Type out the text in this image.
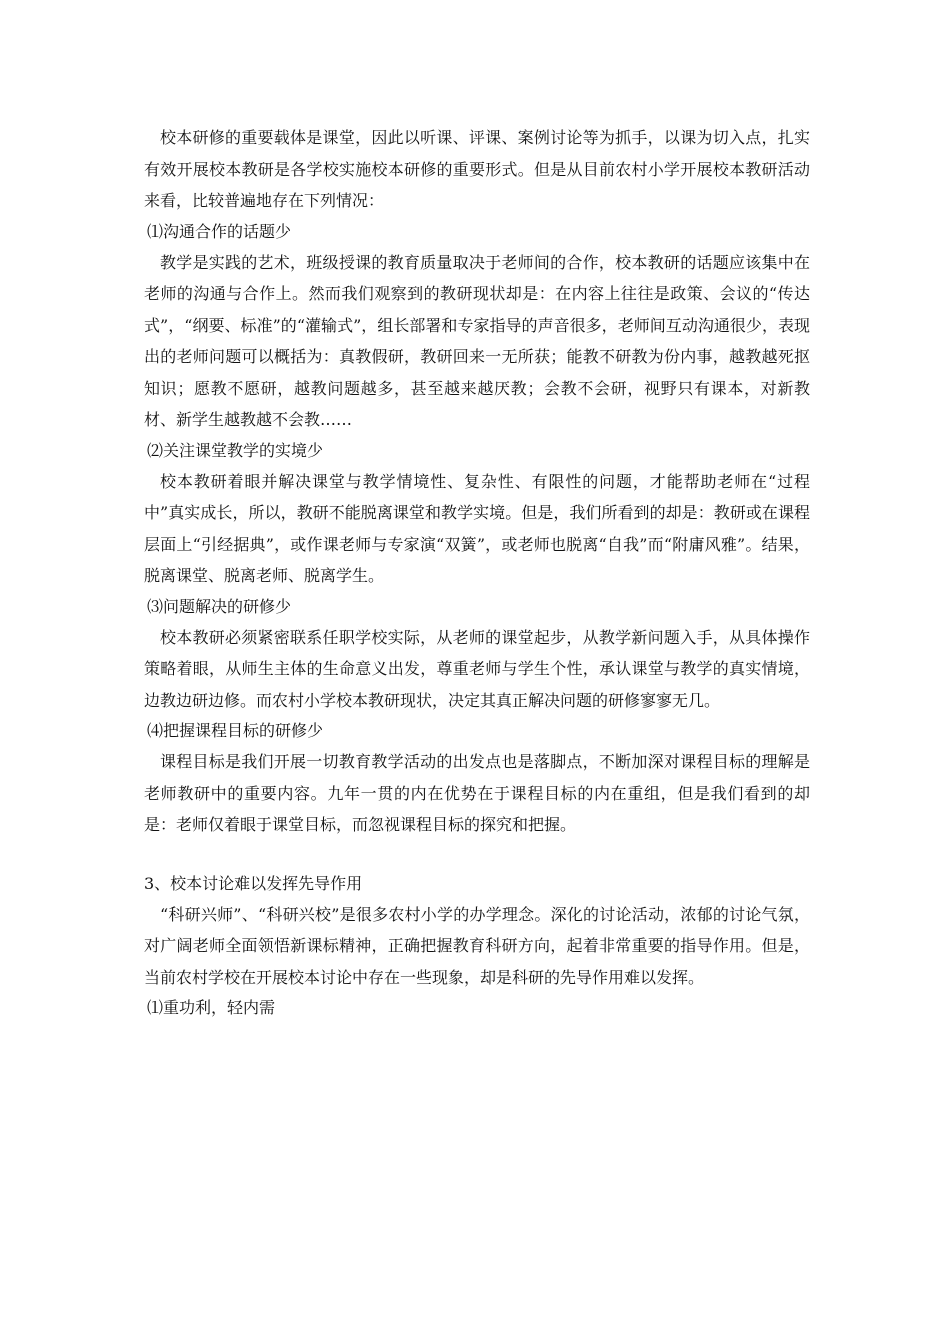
校本研修的重要载体是课堂，因此以听课、评课、案例讨论等为抓手，以课为切入点，扎实有效开展校本教研是各学校实施校本研修的重要形式。但是从目前农村小学开展校本教研活动来看，比较普遍地存在下列情况：

⑴沟通合作的话题少

教学是实践的艺术，班级授课的教育质量取决于老师间的合作，校本教研的话题应该集中在老师的沟通与合作上。然而我们观察到的教研现状却是：在内容上往往是政策、会议的“传达式”，“纲要、标准”的“灌输式”，组长部署和专家指导的声音很多，老师间互动沟通很少，表现出的老师问题可以概括为：真教假研，教研回来一无所获；能教不研教为份内事，越教越死抠知识；愿教不愿研，越教问题越多，甚至越来越厌教；会教不会研，视野只有课本，对新教材、新学生越教越不会教……

⑵关注课堂教学的实境少

校本教研着眼并解决课堂与教学情境性、复杂性、有限性的问题，才能帮助老师在“过程中”真实成长，所以，教研不能脱离课堂和教学实境。但是，我们所看到的却是：教研或在课程层面上“引经据典”，或作课老师与专家演“双簧”，或老师也脱离“自我”而“附庸风雅”。结果，脱离课堂、脱离老师、脱离学生。

⑶问题解决的研修少

校本教研必须紧密联系任职学校实际，从老师的课堂起步，从教学新问题入手，从具体操作策略着眼，从师生主体的生命意义出发，尊重老师与学生个性，承认课堂与教学的真实情境，边教边研边修。而农村小学校本教研现状，决定其真正解决问题的研修寥寥无几。

⑷把握课程目标的研修少

课程目标是我们开展一切教育教学活动的出发点也是落脚点，不断加深对课程目标的理解是老师教研中的重要内容。九年一贯的内在优势在于课程目标的内在重组，但是我们看到的却是：老师仅着眼于课堂目标，而忽视课程目标的探究和把握。

3、校本讨论难以发挥先导作用

“科研兴师”、“科研兴校”是很多农村小学的办学理念。深化的讨论活动，浓郁的讨论气氛，对广阔老师全面领悟新课标精神，正确把握教育科研方向，起着非常重要的指导作用。但是，当前农村学校在开展校本讨论中存在一些现象，却是科研的先导作用难以发挥。

⑴重功利，轻内需
